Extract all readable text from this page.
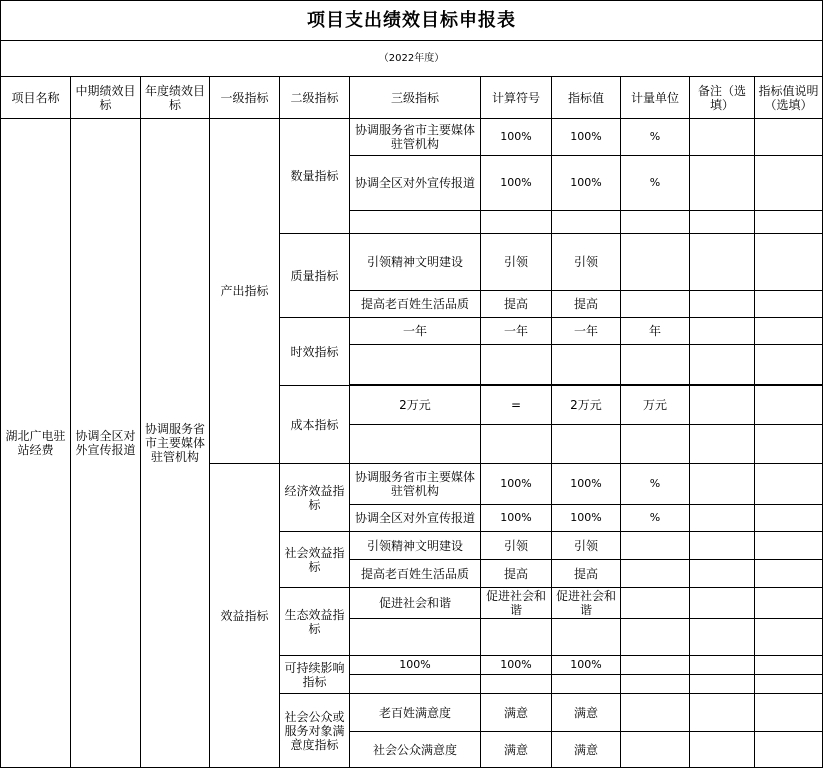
项目支出绩效目标申报表										
（2022年度）										
项目名称	中期绩效目标	年度绩效目标	一级指标	二级指标	三级指标	计算符号	指标值	计量单位	备注（选填）	指标值说明（选填）
湖北广电驻站经费	协调全区对外宣传报道	协调服务省市主要媒体驻管机构	产出指标	数量指标	协调服务省市主要媒体驻管机构	100%	100%	%		
					协调全区对外宣传报道	100%	100%	%		

				质量指标	引领精神文明建设	引领	引领			
					提高老百姓生活品质	提高	提高			
				时效指标	一年	一年	一年	年		

				成本指标	2万元	=	2万元	万元		

			效益指标	经济效益指标	协调服务省市主要媒体驻管机构	100%	100%	%		
					协调全区对外宣传报道	100%	100%	%		
				社会效益指标	引领精神文明建设	引领	引领			
					提高老百姓生活品质	提高	提高			
				生态效益指标	促进社会和谐	促进社会和谐	促进社会和谐			

				可持续影响指标	100%	100%	100%			

				社会公众或服务对象满意度指标	老百姓满意度	满意	满意			
					社会公众满意度	满意	满意			
